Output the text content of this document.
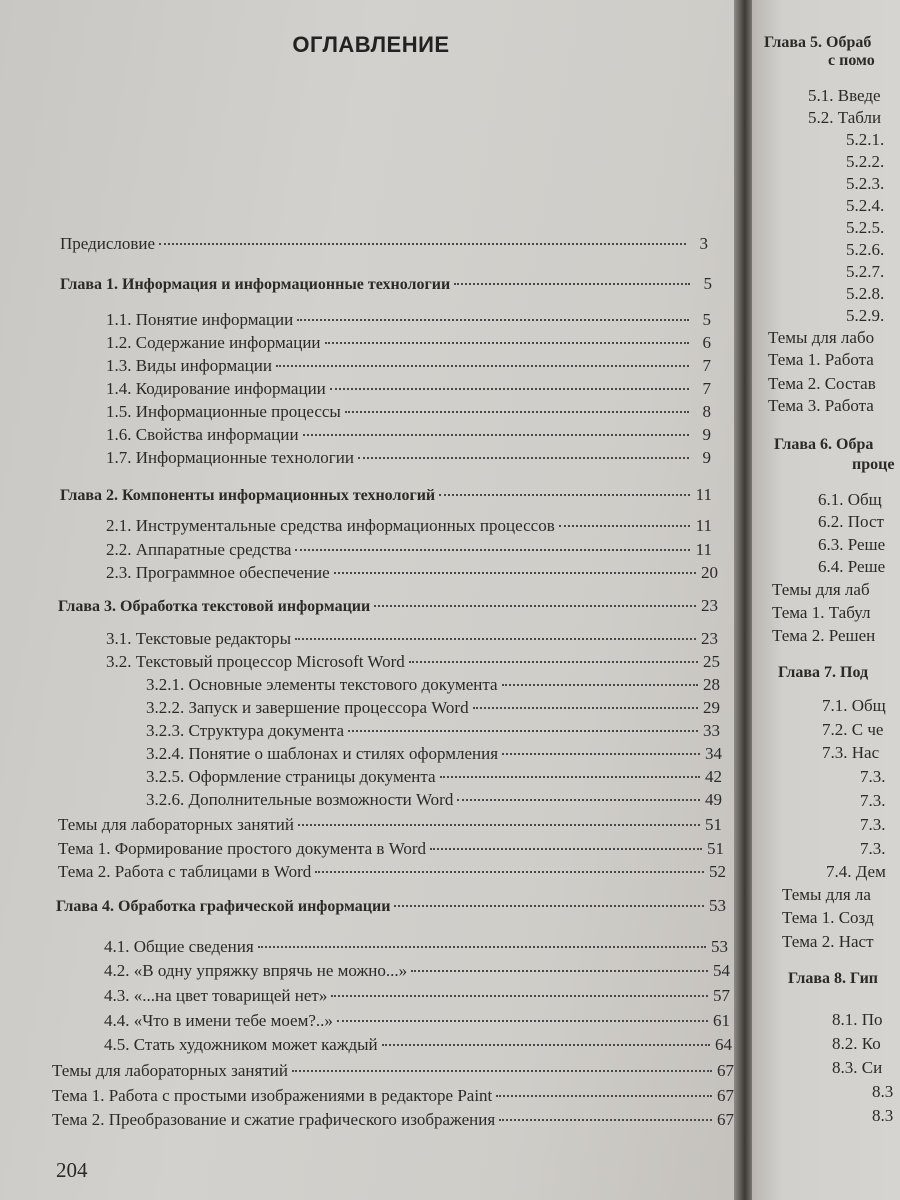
ОГЛАВЛЕНИЕ
Предисловие	3
Глава 1. Информация и информационные технологии	5
1.1. Понятие информации	5
1.2. Содержание информации	6
1.3. Виды информации	7
1.4. Кодирование информации	7
1.5. Информационные процессы	8
1.6. Свойства информации	9
1.7. Информационные технологии	9
Глава 2. Компоненты информационных технологий	11
2.1. Инструментальные средства информационных процессов	11
2.2. Аппаратные средства	11
2.3. Программное обеспечение	20
Глава 3. Обработка текстовой информации	23
3.1. Текстовые редакторы	23
3.2. Текстовый процессор Microsoft Word	25
3.2.1. Основные элементы текстового документа	28
3.2.2. Запуск и завершение процессора Word	29
3.2.3. Структура документа	33
3.2.4. Понятие о шаблонах и стилях оформления	34
3.2.5. Оформление страницы документа	42
3.2.6. Дополнительные возможности Word	49
Темы для лабораторных занятий	51
Тема 1. Формирование простого документа в Word	51
Тема 2. Работа с таблицами в Word	52
Глава 4. Обработка графической информации	53
4.1. Общие сведения	53
4.2. «В одну упряжку впрячь не можно...»	54
4.3. «...на цвет товарищей нет»	57
4.4. «Что в имени тебе моем?..»	61
4.5. Стать художником может каждый	64
Темы для лабораторных занятий	67
Тема 1. Работа с простыми изображениями в редакторе Paint	67
Тема 2. Преобразование и сжатие графического изображения	67
204
Глава 5. Обраб
с помо
5.1. Введе
5.2. Табли
5.2.1.
5.2.2.
5.2.3.
5.2.4.
5.2.5.
5.2.6.
5.2.7.
5.2.8.
5.2.9.
Темы для лабо
Тема 1. Работа
Тема 2. Состав
Тема 3. Работа
Глава 6. Обра
проце
6.1. Общ
6.2. Пост
6.3. Реше
6.4. Реше
Темы для лаб
Тема 1. Табул
Тема 2. Решен
Глава 7. Под
7.1. Общ
7.2. С че
7.3. Нас
7.3.
7.3.
7.3.
7.3.
7.4. Дем
Темы для ла
Тема 1. Созд
Тема 2. Наст
Глава 8. Гип
8.1. По
8.2. Ко
8.3. Си
8.3
8.3
